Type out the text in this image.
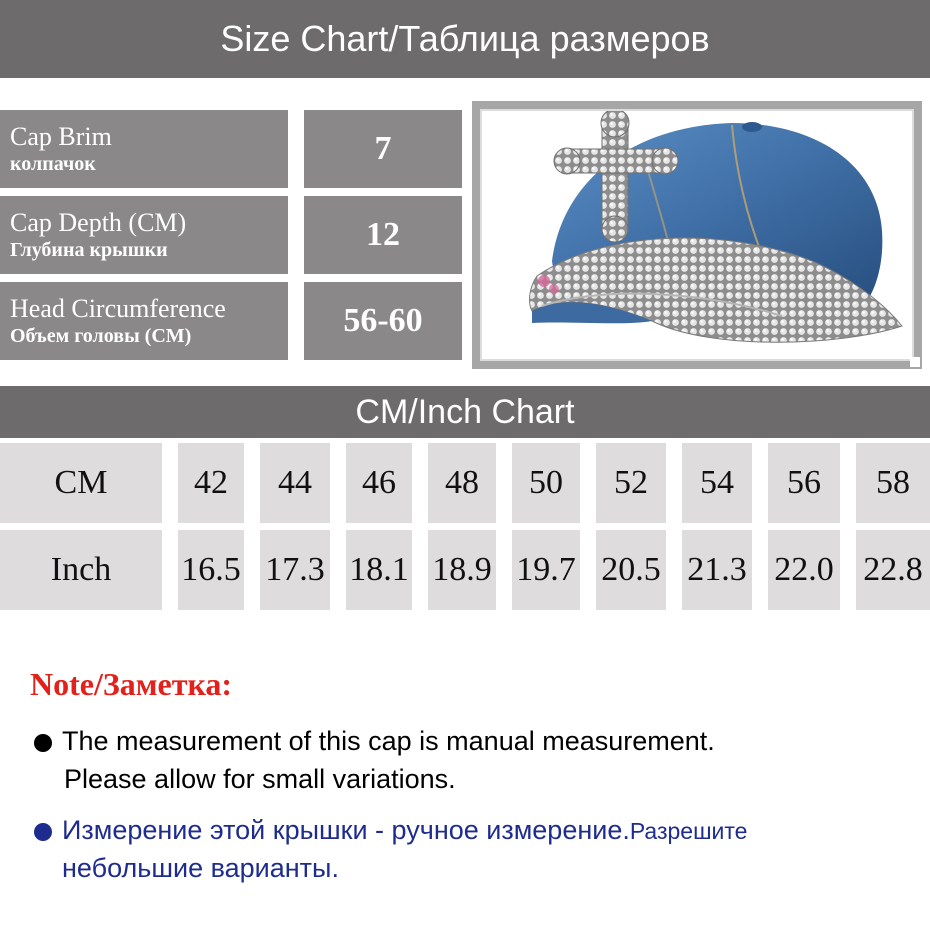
Size Chart/Таблица размеров
Cap Brim
колпачок	7
Cap Depth (CM)
Глубина крышки	12
Head Circumference
Объем головы (CM)	56-60
CM/Inch Chart
CM	42	44	46	48	50	52	54	56	58
Inch	16.5 17.3 18.1 18.9 19.7 20.5 21.3 22.0 22.8
Note/Заметка:
The measurement of this cap is manual measurement.
Please allow for small variations.
Измерение этой крышки - ручное измерение.Разрешите
небольшие варианты.
